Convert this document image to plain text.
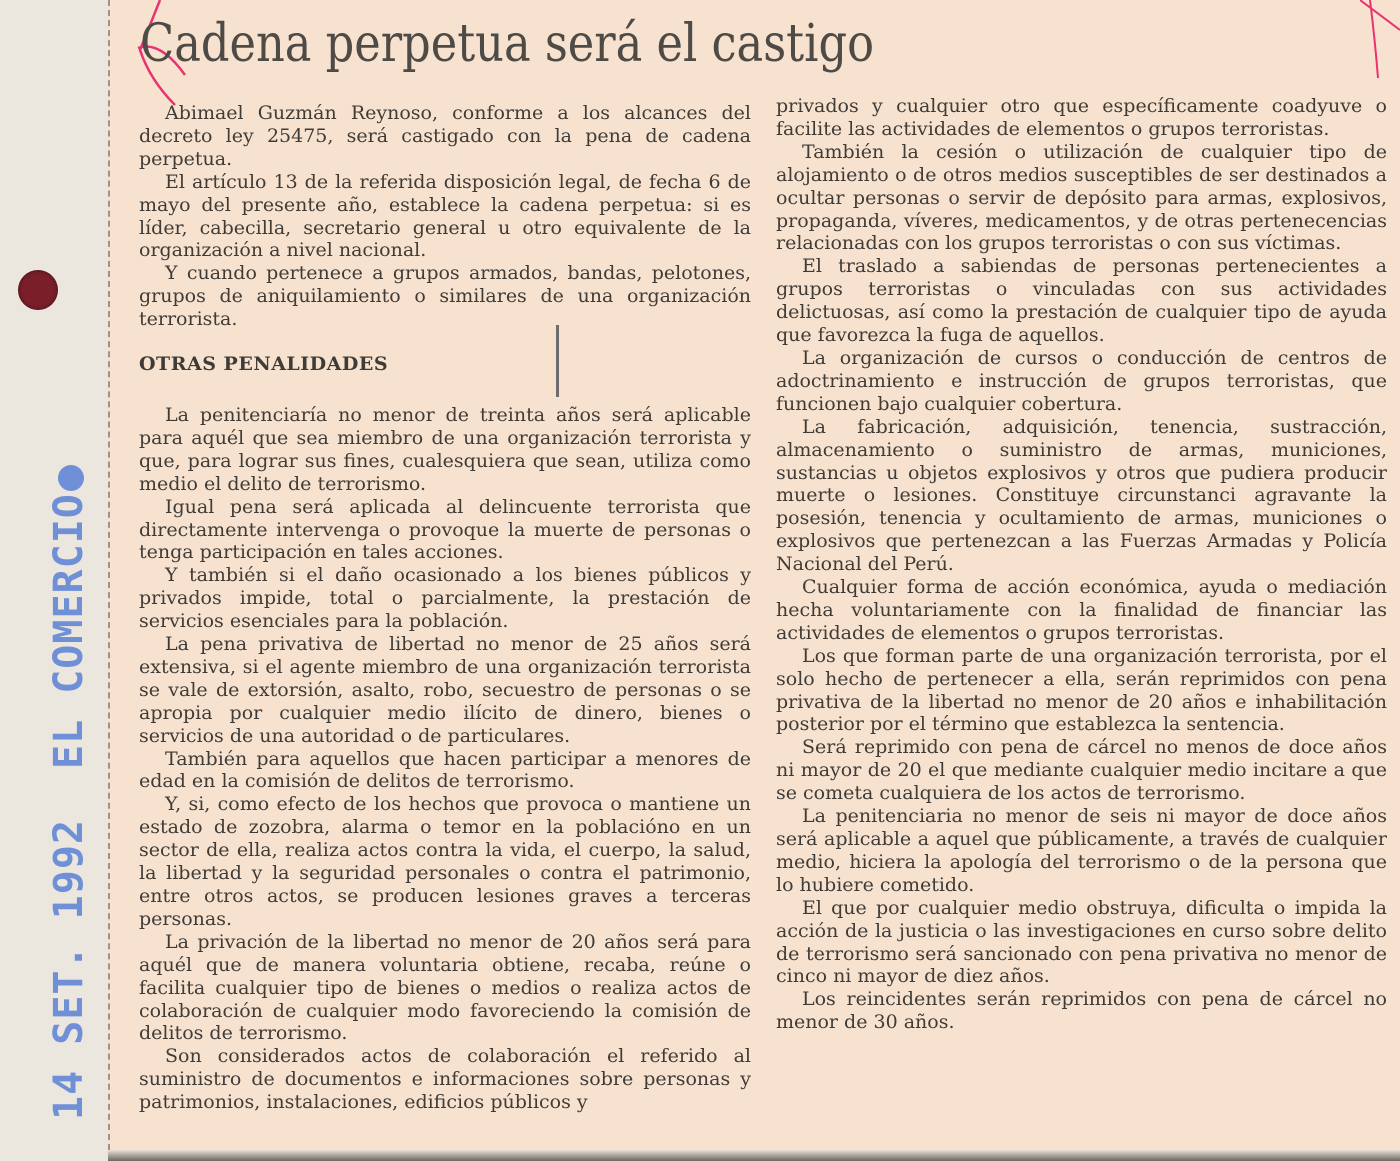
14 SET. 1992EL COMERCIO
Cadena perpetua será el castigo

Abimael Guzmán Reynoso, conforme a los alcances del decreto ley 25475, será castigado con la pena de cadena perpetua.

El artículo 13 de la referida disposición legal, de fecha 6 de mayo del presente año, establece la cadena perpetua: si es líder, cabecilla, secretario general u otro equivalente de la organización a nivel nacional.

Y cuando pertenece a grupos armados, bandas, pelotones, grupos de aniquilamiento o similares de una organización terrorista.

OTRAS PENALIDADES

La penitenciaría no menor de treinta años será aplicable para aquél que sea miembro de una organización terrorista y que, para lograr sus fines, cualesquiera que sean, utiliza como medio el delito de terrorismo.

Igual pena será aplicada al delincuente terrorista que directamente intervenga o provoque la muerte de personas o tenga participación en tales acciones.

Y también si el daño ocasionado a los bienes públicos y privados impide, total o parcialmente, la prestación de servicios esenciales para la población.

La pena privativa de libertad no menor de 25 años será extensiva, si el agente miembro de una organización terrorista se vale de extorsión, asalto, robo, secuestro de personas o se apropia por cualquier medio ilícito de dinero, bienes o servicios de una autoridad o de particulares.

También para aquellos que hacen participar a menores de edad en la comisión de delitos de terrorismo.

Y, si, como efecto de los hechos que provoca o mantiene un estado de zozobra, alarma o temor en la poblacióno en un sector de ella, realiza actos contra la vida, el cuerpo, la salud, la libertad y la seguridad personales o contra el patrimonio, entre otros actos, se producen lesiones graves a terceras personas.

La privación de la libertad no menor de 20 años será para aquél que de manera voluntaria obtiene, recaba, reúne o facilita cualquier tipo de bienes o medios o realiza actos de colaboración de cualquier modo favoreciendo la comisión de delitos de terrorismo.

Son considerados actos de colaboración el referido al suministro de documentos e informaciones sobre personas y patrimonios, instalaciones, edificios públicos y

privados y cualquier otro que específicamente coadyuve o facilite las actividades de elementos o grupos terroristas.

También la cesión o utilización de cualquier tipo de alojamiento o de otros medios susceptibles de ser destinados a ocultar personas o servir de depósito para armas, explosivos, propaganda, víveres, medicamentos, y de otras pertenecencias relacionadas con los grupos terroristas o con sus víctimas.

El traslado a sabiendas de personas pertenecientes a grupos terroristas o vinculadas con sus actividades delictuosas, así como la prestación de cualquier tipo de ayuda que favorezca la fuga de aquellos.

La organización de cursos o conducción de centros de adoctrinamiento e instrucción de grupos terroristas, que funcionen bajo cualquier cobertura.

La fabricación, adquisición, tenencia, sustracción, almacenamiento o suministro de armas, municiones, sustancias u objetos explosivos y otros que pudiera producir muerte o lesiones. Constituye circunstanci agravante la posesión, tenencia y ocultamiento de armas, municiones o explosivos que pertenezcan a las Fuerzas Armadas y Policía Nacional del Perú.

Cualquier forma de acción económica, ayuda o mediación hecha voluntariamente con la finalidad de financiar las actividades de elementos o grupos terroristas.

Los que forman parte de una organización terrorista, por el solo hecho de pertenecer a ella, serán reprimidos con pena privativa de la libertad no menor de 20 años e inhabilitación posterior por el término que establezca la sentencia.

Será reprimido con pena de cárcel no menos de doce años ni mayor de 20 el que mediante cualquier medio incitare a que se cometa cualquiera de los actos de terrorismo.

La penitenciaria no menor de seis ni mayor de doce años será aplicable a aquel que públicamente, a través de cualquier medio, hiciera la apología del terrorismo o de la persona que lo hubiere cometido.

El que por cualquier medio obstruya, dificulta o impida la acción de la justicia o las investigaciones en curso sobre delito de terrorismo será sancionado con pena privativa no menor de cinco ni mayor de diez años.

Los reincidentes serán reprimidos con pena de cárcel no menor de 30 años.
